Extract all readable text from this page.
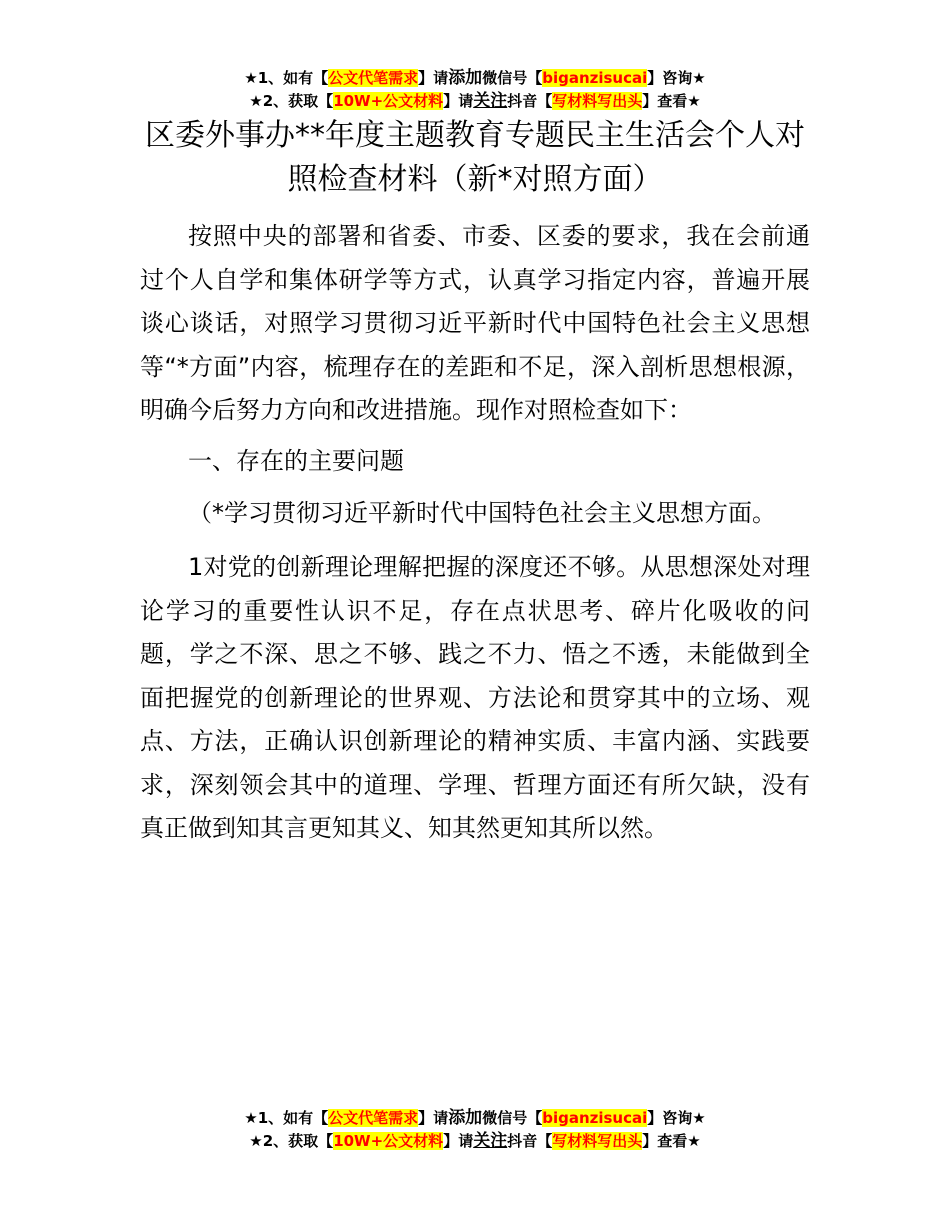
★1、如有【公文代笔需求】请添加微信号【biganzisucai】咨询★
★2、获取【10W+公文材料】请关注抖音【写材料写出头】查看★
区委外事办**年度主题教育专题民主生活会个人对照检查材料（新*对照方面）

按照中央的部署和省委、市委、区委的要求，我在会前通过个人自学和集体研学等方式，认真学习指定内容，普遍开展谈心谈话，对照学习贯彻习近平新时代中国特色社会主义思想等“*方面”内容，梳理存在的差距和不足，深入剖析思想根源，明确今后努力方向和改进措施。现作对照检查如下：

一、存在的主要问题

（*学习贯彻习近平新时代中国特色社会主义思想方面。

1对党的创新理论理解把握的深度还不够。从思想深处对理论学习的重要性认识不足，存在点状思考、碎片化吸收的问题，学之不深、思之不够、践之不力、悟之不透，未能做到全面把握党的创新理论的世界观、方法论和贯穿其中的立场、观点、方法，正确认识创新理论的精神实质、丰富内涵、实践要求，深刻领会其中的道理、学理、哲理方面还有所欠缺，没有真正做到知其言更知其义、知其然更知其所以然。

★1、如有【公文代笔需求】请添加微信号【biganzisucai】咨询★
★2、获取【10W+公文材料】请关注抖音【写材料写出头】查看★
